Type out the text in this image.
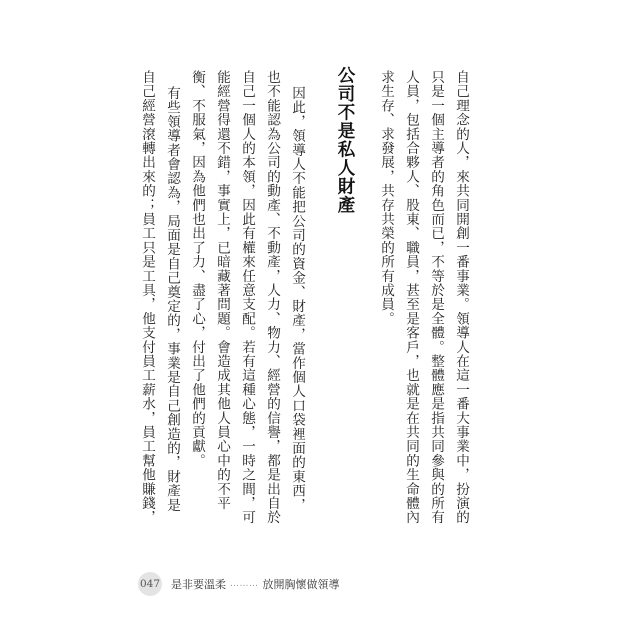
自己理念的人，來共同開創一番事業。領導人在這一番大事業中，扮演的

只是一個主導者的角色而已，不等於是全體。整體應是指共同參與的所有

人員，包括合夥人、股東、職員，甚至是客戶，也就是在共同的生命體內

求生存、求發展，共存共榮的所有成員。

公司不是私人財產

因此，領導人不能把公司的資金、財產，當作個人口袋裡面的東西，

也不能認為公司的動產、不動產，人力、物力、經營的信譽，都是出自於

自己一個人的本領，因此有權來任意支配。若有這種心態，一時之間，可

能經營得還不錯，事實上，已暗藏著問題。會造成其他人員心中的不平

衡、不服氣，因為他們也出了力、盡了心，付出了他們的貢獻。

有些領導者會認為，局面是自己奠定的，事業是自己創造的，財產是

自己經營滾轉出來的；員工只是工具，他支付員工薪水，員工幫他賺錢，

047 是非要溫柔 ……… 放開胸懷做領導
